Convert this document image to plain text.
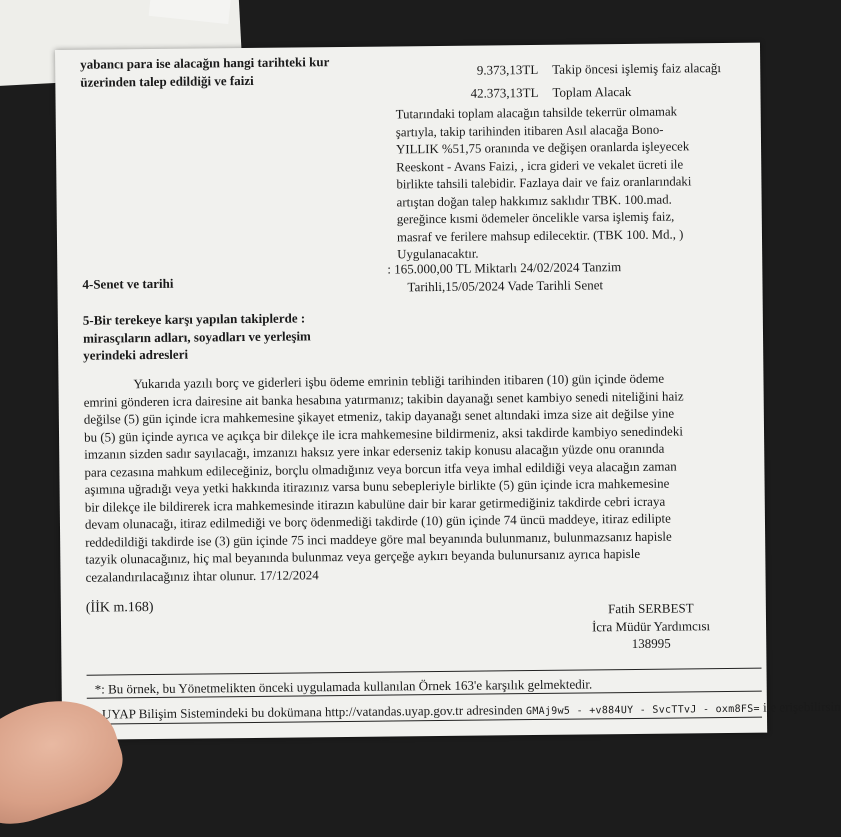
yabancı para ise alacağın hangi tarihteki kur
üzerinden talep edildiği ve faizi
9.373,13TL Takip öncesi işlemiş faiz alacağı
42.373,13TL Toplam Alacak
Tutarındaki toplam alacağın tahsilde tekerrür olmamak
şartıyla, takip tarihinden itibaren Asıl alacağa Bono-
YILLIK %51,75 oranında ve değişen oranlarda işleyecek
Reeskont - Avans Faizi, , icra gideri ve vekalet ücreti ile
birlikte tahsili talebidir. Fazlaya dair ve faiz oranlarındaki
artıştan doğan talep hakkımız saklıdır TBK. 100.mad.
gereğince kısmi ödemeler öncelikle varsa işlemiş faiz,
masraf ve ferilere mahsup edilecektir. (TBK 100. Md., )
Uygulanacaktır.
4-Senet ve tarihi
: 165.000,00 TL Miktarlı 24/02/2024 Tanzim
Tarihli,15/05/2024 Vade Tarihli Senet
5-Bir terekeye karşı yapılan takiplerde :
mirasçıların adları, soyadları ve yerleşim
yerindeki adresleri
Yukarıda yazılı borç ve giderleri işbu ödeme emrinin tebliği tarihinden itibaren (10) gün içinde ödeme
emrini gönderen icra dairesine ait banka hesabına yatırmanız; takibin dayanağı senet kambiyo senedi niteliğini haiz
değilse (5) gün içinde icra mahkemesine şikayet etmeniz, takip dayanağı senet altındaki imza size ait değilse yine
bu (5) gün içinde ayrıca ve açıkça bir dilekçe ile icra mahkemesine bildirmeniz, aksi takdirde kambiyo senedindeki
imzanın sizden sadır sayılacağı, imzanızı haksız yere inkar ederseniz takip konusu alacağın yüzde onu oranında
para cezasına mahkum edileceğiniz, borçlu olmadığınız veya borcun itfa veya imhal edildiği veya alacağın zaman
aşımına uğradığı veya yetki hakkında itirazınız varsa bunu sebepleriyle birlikte (5) gün içinde icra mahkemesine
bir dilekçe ile bildirerek icra mahkemesinde itirazın kabulüne dair bir karar getirmediğiniz takdirde cebri icraya
devam olunacağı, itiraz edilmediği ve borç ödenmediği takdirde (10) gün içinde 74 üncü maddeye, itiraz edilipte
reddedildiği takdirde ise (3) gün içinde 75 inci maddeye göre mal beyanında bulunmanız, bulunmazsanız hapisle
tazyik olunacağınız, hiç mal beyanında bulunmaz veya gerçeğe aykırı beyanda bulunursanız ayrıca hapisle
cezalandırılacağınız ihtar olunur. 17/12/2024
(İİK m.168)	Fatih SERBEST
İcra Müdür Yardımcısı
138995
*: Bu örnek, bu Yönetmelikten önceki uygulamada kullanılan Örnek 163'e karşılık gelmektedir.
UYAP Bilişim Sistemindeki bu dokümana http://vatandas.uyap.gov.tr adresinden GMAj9w5 - +v884UY - SvcTTvJ - oxm8FS= ile erişebilirsin
